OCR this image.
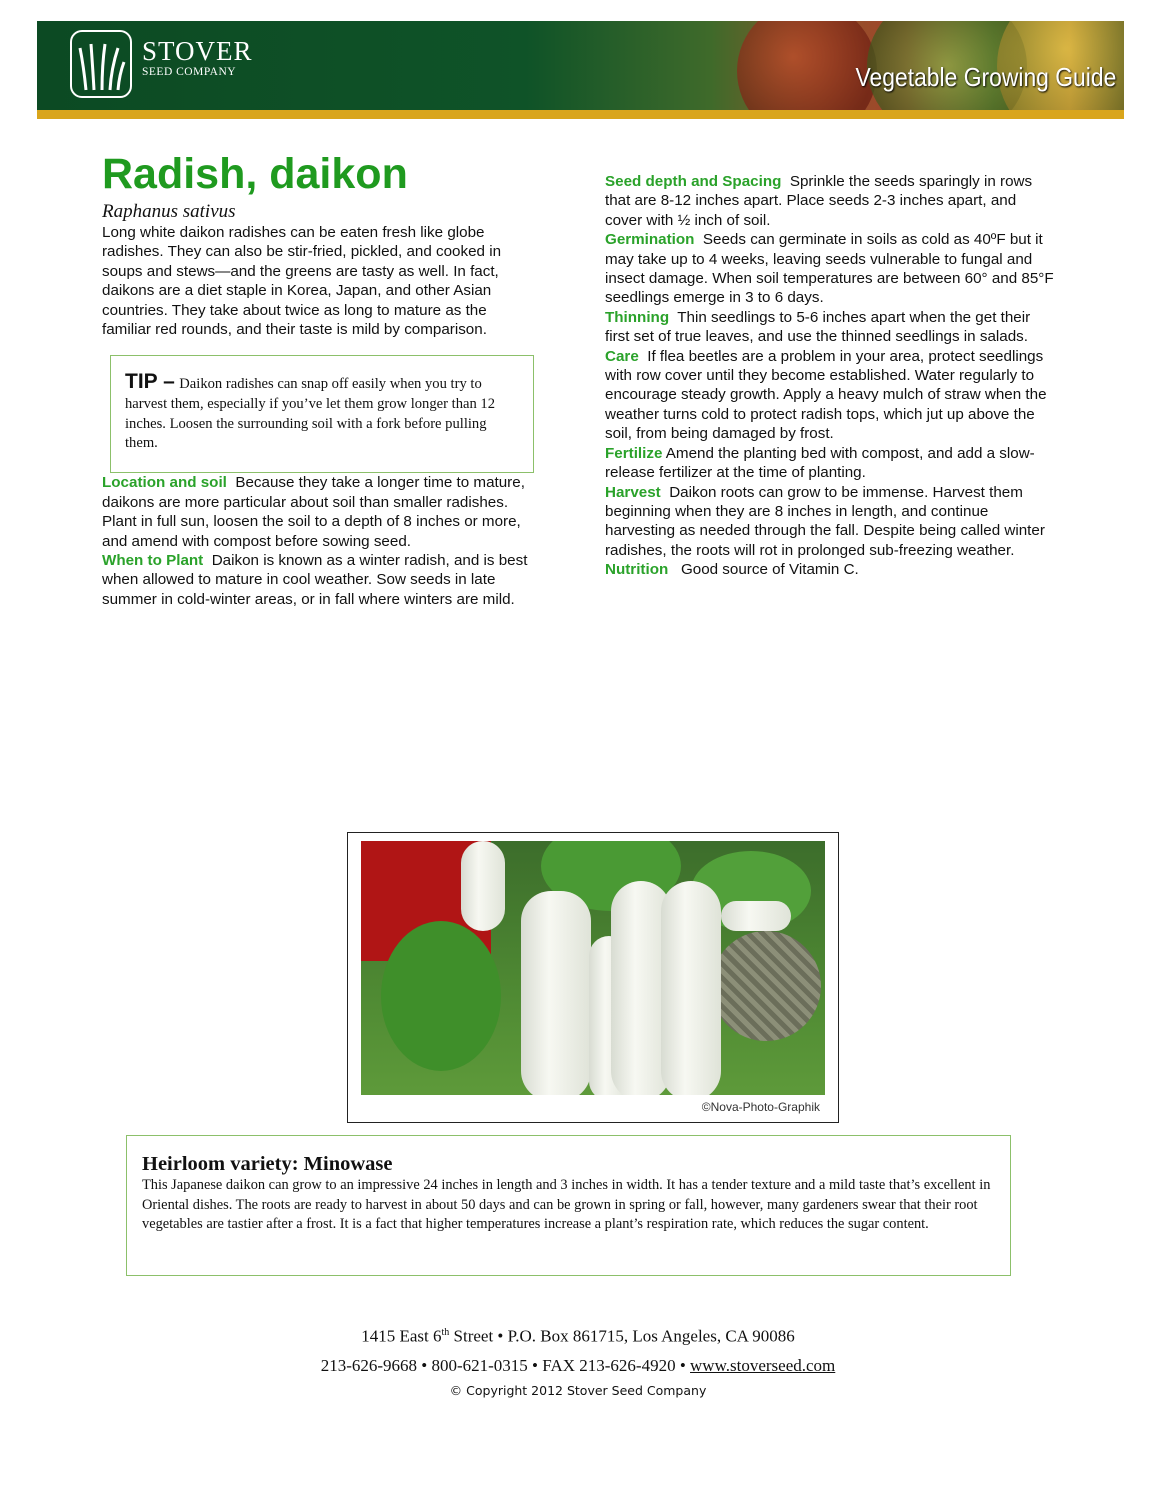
STOVER
SEED COMPANY	Vegetable Growing Guide
Radish, daikon
Raphanus sativus

Long white daikon radishes can be eaten fresh like globe radishes. They can also be stir-fried, pickled, and cooked in soups and stews—and the greens are tasty as well. In fact, daikons are a diet staple in Korea, Japan, and other Asian countries. They take about twice as long to mature as the familiar red rounds, and their taste is mild by comparison.

TIP – Daikon radishes can snap off easily when you try to harvest them, especially if you’ve let them grow longer than 12 inches. Loosen the surrounding soil with a fork before pulling them.

Location and soil Because they take a longer time to mature, daikons are more particular about soil than smaller radishes. Plant in full sun, loosen the soil to a depth of 8 inches or more, and amend with compost before sowing seed.

When to Plant Daikon is known as a winter radish, and is best when allowed to mature in cool weather. Sow seeds in late summer in cold-winter areas, or in fall where winters are mild.

Seed depth and Spacing Sprinkle the seeds sparingly in rows that are 8-12 inches apart. Place seeds 2-3 inches apart, and cover with ½ inch of soil.

Germination Seeds can germinate in soils as cold as 40ºF but it may take up to 4 weeks, leaving seeds vulnerable to fungal and insect damage. When soil temperatures are between 60° and 85°F seedlings emerge in 3 to 6 days.

Thinning Thin seedlings to 5-6 inches apart when the get their first set of true leaves, and use the thinned seedlings in salads.

Care If flea beetles are a problem in your area, protect seedlings with row cover until they become established. Water regularly to encourage steady growth. Apply a heavy mulch of straw when the weather turns cold to protect radish tops, which jut up above the soil, from being damaged by frost.

Fertilize Amend the planting bed with compost, and add a slow-release fertilizer at the time of planting.

Harvest Daikon roots can grow to be immense. Harvest them beginning when they are 8 inches in length, and continue harvesting as needed through the fall. Despite being called winter radishes, the roots will rot in prolonged sub-freezing weather.

Nutrition Good source of Vitamin C.

©Nova-Photo-Graphik
Heirloom variety: Minowase
This Japanese daikon can grow to an impressive 24 inches in length and 3 inches in width. It has a tender texture and a mild taste that’s excellent in Oriental dishes. The roots are ready to harvest in about 50 days and can be grown in spring or fall, however, many gardeners swear that their root vegetables are tastier after a frost. It is a fact that higher temperatures increase a plant’s respiration rate, which reduces the sugar content.
1415 East 6th Street • P.O. Box 861715, Los Angeles, CA 90086
213-626-9668 • 800-621-0315 • FAX 213-626-4920 • www.stoverseed.com
© Copyright 2012 Stover Seed Company
